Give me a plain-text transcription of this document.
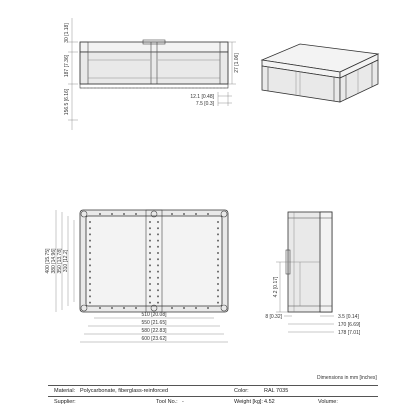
30 [1.18]
187 [7.36]
156.5 [6.16]
27 [1.06]
12.1 [0.48]
7.5 [0.3]
400 [15.75] 380 [14.96] 350 [13.78] 310 [12.2]
510 [20.08]
550 [21.65]
580 [22.83]
600 [23.62]
4.2 [0.17]
8 [0.32]	3.5 [0.14]
170 [6.69]
178 [7.01]
Dimensions in mm [inches]
Material: Polycarbonate, fiberglass-reinforced	Color:	RAL 7035
Supplier:	Tool No.: -	Weight [kg]: 4.52	Volume:
